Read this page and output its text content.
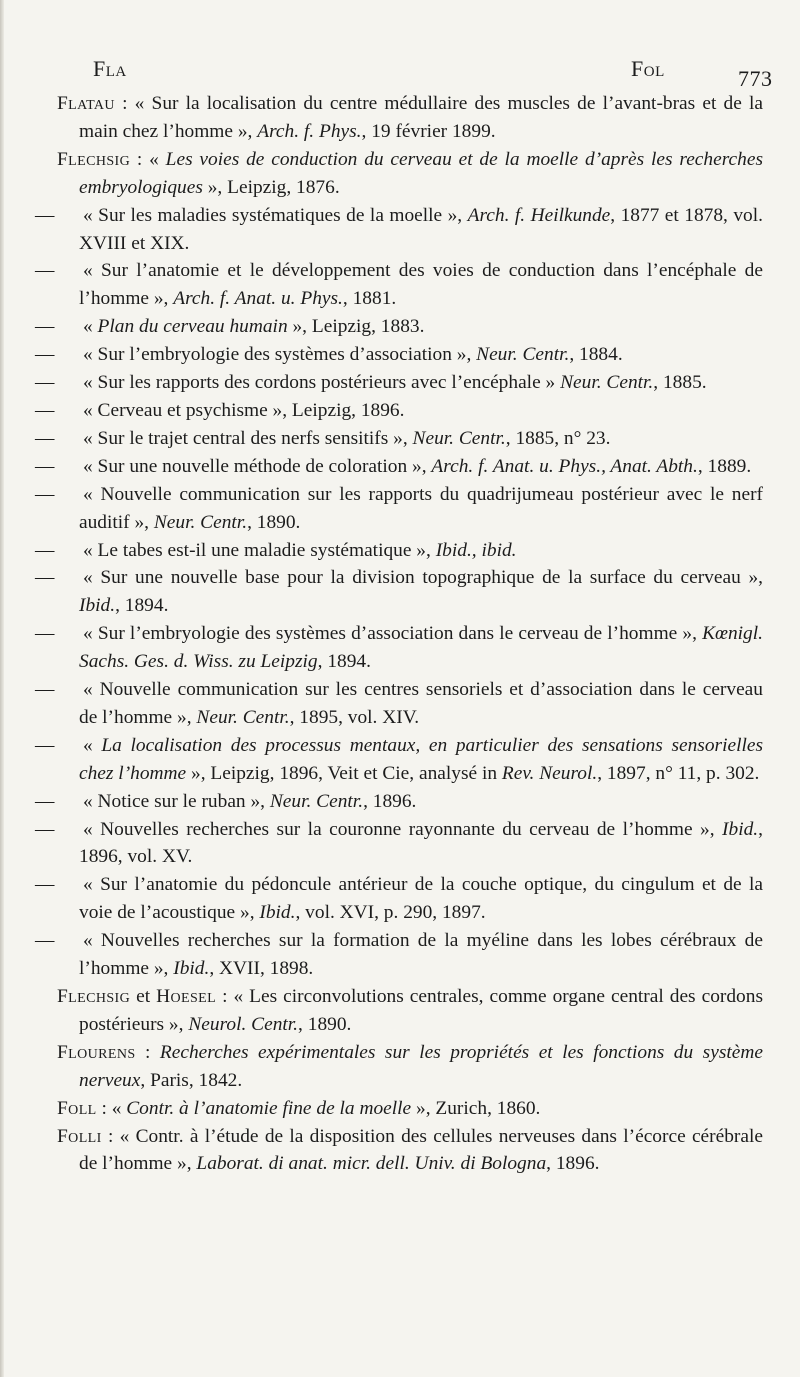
Fla	Fol	773

Flatau : « Sur la localisation du centre médullaire des muscles de l’avant-bras et de la main chez l’homme », Arch. f. Phys., 19 février 1899.

Flechsig : « Les voies de conduction du cerveau et de la moelle d’après les recherches embryologiques », Leipzig, 1876.

— « Sur les maladies systématiques de la moelle », Arch. f. Heilkunde, 1877 et 1878, vol. XVIII et XIX.

— « Sur l’anatomie et le développement des voies de conduction dans l’encéphale de l’homme », Arch. f. Anat. u. Phys., 1881.

— « Plan du cerveau humain », Leipzig, 1883.

— « Sur l’embryologie des systèmes d’association », Neur. Centr., 1884.

— « Sur les rapports des cordons postérieurs avec l’encéphale » Neur. Centr., 1885.

— « Cerveau et psychisme », Leipzig, 1896.

— « Sur le trajet central des nerfs sensitifs », Neur. Centr., 1885, n° 23.

— « Sur une nouvelle méthode de coloration », Arch. f. Anat. u. Phys., Anat. Abth., 1889.

— « Nouvelle communication sur les rapports du quadrijumeau postérieur avec le nerf auditif », Neur. Centr., 1890.

— « Le tabes est-il une maladie systématique », Ibid., ibid.

— « Sur une nouvelle base pour la division topographique de la surface du cerveau », Ibid., 1894.

— « Sur l’embryologie des systèmes d’association dans le cerveau de l’homme », Kœnigl. Sachs. Ges. d. Wiss. zu Leipzig, 1894.

— « Nouvelle communication sur les centres sensoriels et d’association dans le cerveau de l’homme », Neur. Centr., 1895, vol. XIV.

— « La localisation des processus mentaux, en particulier des sensations sensorielles chez l’homme », Leipzig, 1896, Veit et Cie, analysé in Rev. Neurol., 1897, n° 11, p. 302.

— « Notice sur le ruban », Neur. Centr., 1896.

— « Nouvelles recherches sur la couronne rayonnante du cerveau de l’homme », Ibid., 1896, vol. XV.

— « Sur l’anatomie du pédoncule antérieur de la couche optique, du cingulum et de la voie de l’acoustique », Ibid., vol. XVI, p. 290, 1897.

— « Nouvelles recherches sur la formation de la myéline dans les lobes cérébraux de l’homme », Ibid., XVII, 1898.

Flechsig et Hoesel : « Les circonvolutions centrales, comme organe central des cordons postérieurs », Neurol. Centr., 1890.

Flourens : Recherches expérimentales sur les propriétés et les fonctions du système nerveux, Paris, 1842.

Foll : « Contr. à l’anatomie fine de la moelle », Zurich, 1860.

Folli : « Contr. à l’étude de la disposition des cellules nerveuses dans l’écorce cérébrale de l’homme », Laborat. di anat. micr. dell. Univ. di Bologna, 1896.
